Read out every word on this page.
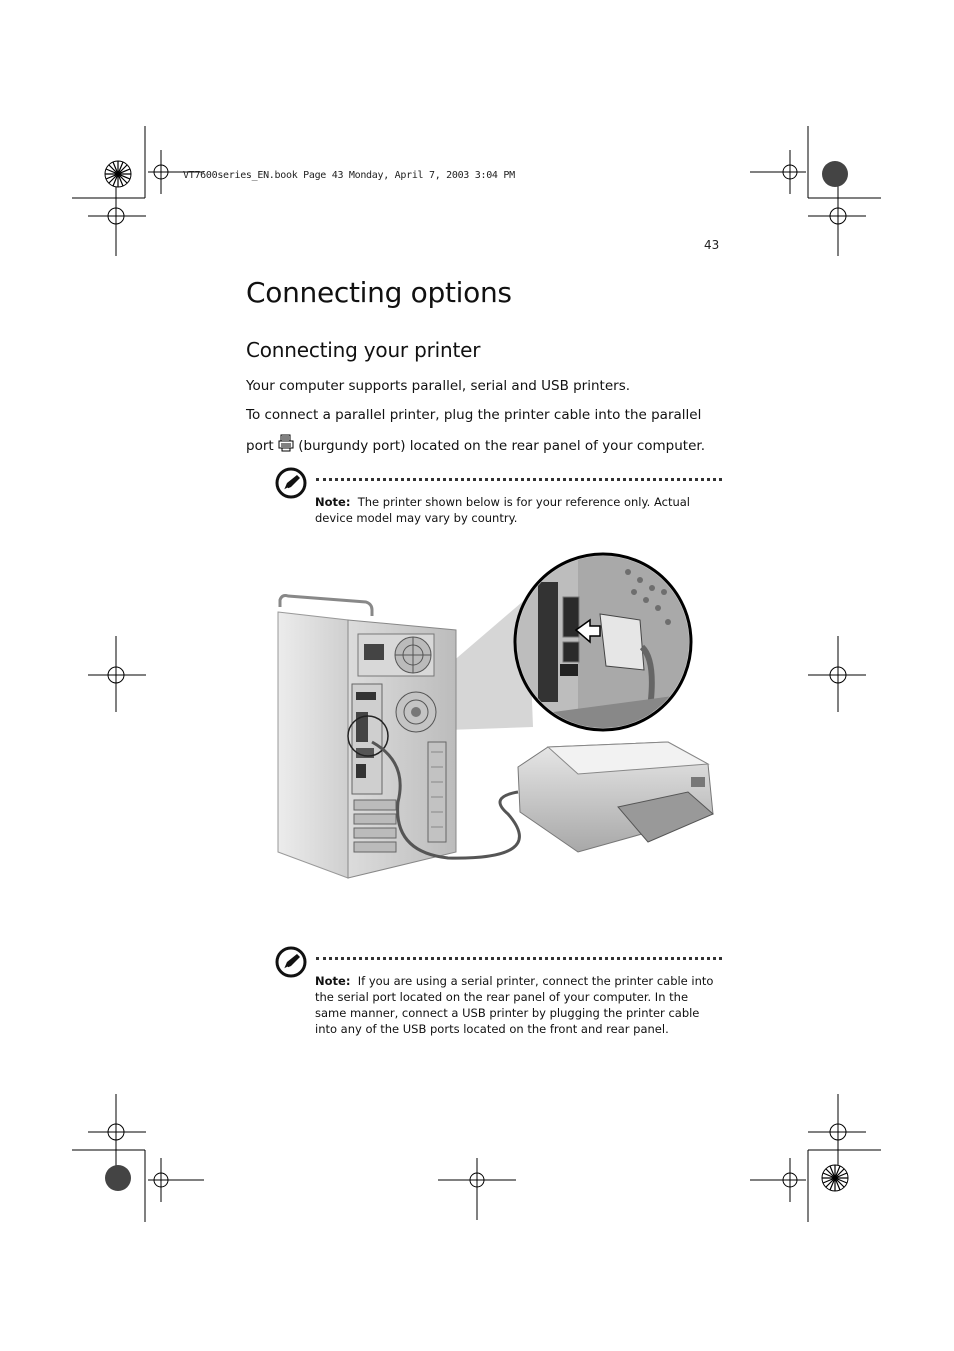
VT7600series_EN.book Page 43 Monday, April 7, 2003 3:04 PM
43
Connecting options
Connecting your printer

Your computer supports parallel, serial and USB printers.

To connect a parallel printer, plug the printer cable into the parallel

port (burgundy port) located on the rear panel of your computer.

Note: The printer shown below is for your reference only. Actual device model may vary by country.

Note: If you are using a serial printer, connect the printer cable into the serial port located on the rear panel of your computer. In the same manner, connect a USB printer by plugging the printer cable into any of the USB ports located on the front and rear panel.
